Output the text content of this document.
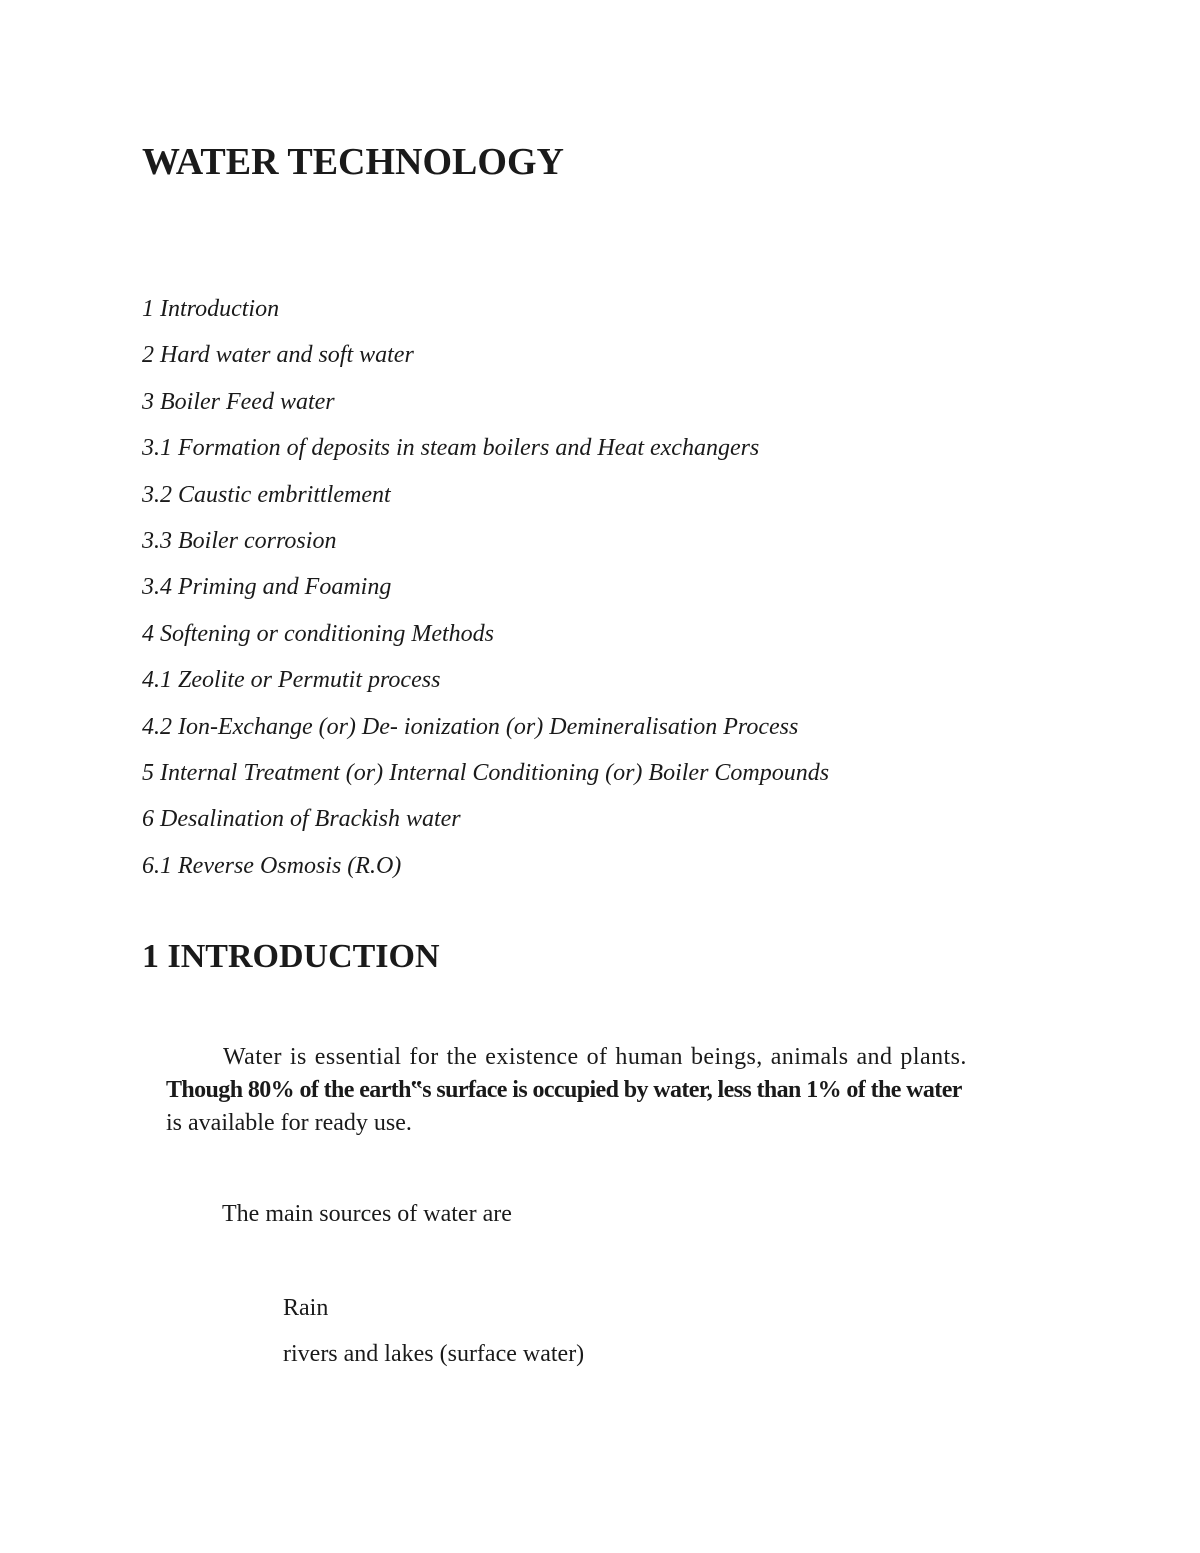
WATER TECHNOLOGY
1 Introduction
2 Hard water and soft water
3 Boiler Feed water
3.1 Formation of deposits in steam boilers and Heat exchangers
3.2 Caustic embrittlement
3.3 Boiler corrosion
3.4 Priming and Foaming
4 Softening or conditioning Methods
4.1 Zeolite or Permutit process
4.2 Ion-Exchange (or) De- ionization (or) Demineralisation Process
5 Internal Treatment (or) Internal Conditioning (or) Boiler Compounds
6 Desalination of Brackish water
6.1 Reverse Osmosis (R.O)
1 INTRODUCTION

Water is essential for the existence of human beings, animals and plants.
Though 80% of the earth‟s surface is occupied by water, less than 1% of the water
is available for ready use.

The main sources of water are

Rain
rivers and lakes (surface water)
